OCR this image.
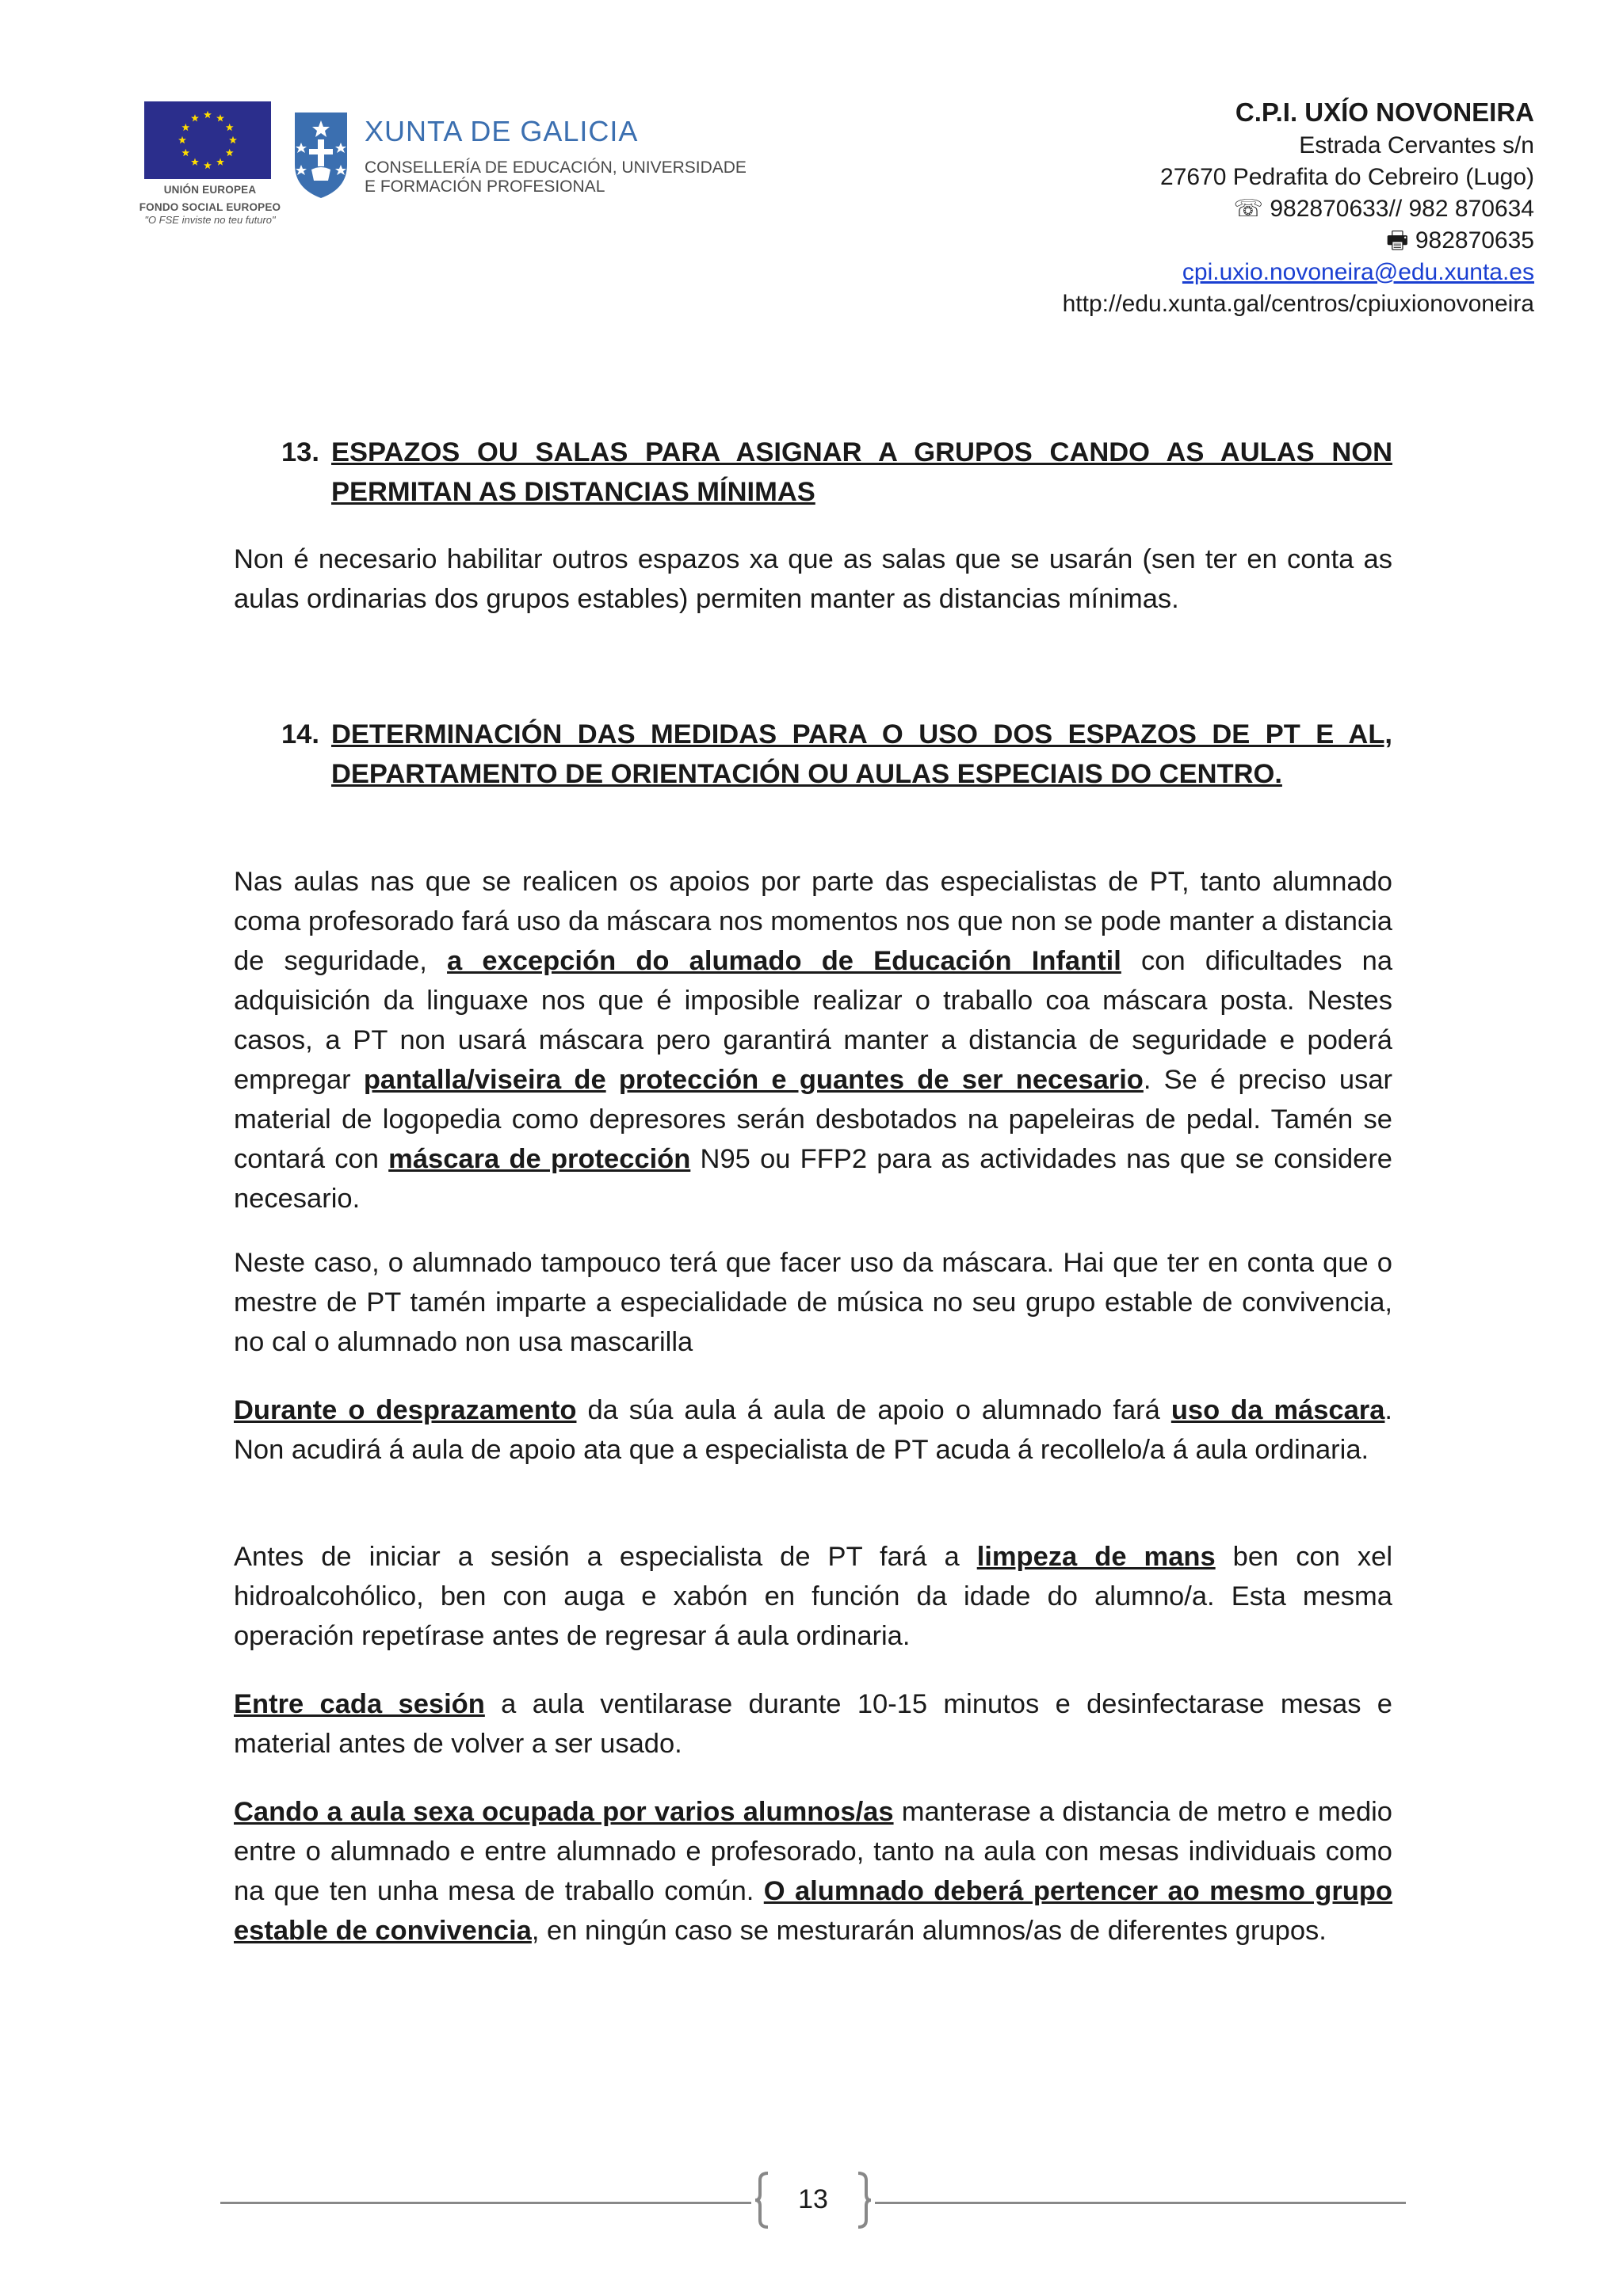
UNIÓN EUROPEA
FONDO SOCIAL EUROPEO
"O FSE inviste no teu futuro"
XUNTA DE GALICIA
CONSELLERÍA DE EDUCACIÓN, UNIVERSIDADE
E FORMACIÓN PROFESIONAL
C.P.I. UXÍO NOVONEIRA
Estrada Cervantes s/n
27670 Pedrafita do Cebreiro (Lugo)
☏ 982870633// 982 870634
🖶 982870635
cpi.uxio.novoneira@edu.xunta.es
http://edu.xunta.gal/centros/cpiuxionovoneira
13. ESPAZOS OU SALAS PARA ASIGNAR A GRUPOS CANDO AS AULAS NON PERMITAN AS DISTANCIAS MÍNIMAS

Non é necesario habilitar outros espazos xa que as salas que se usarán (sen ter en conta as aulas ordinarias dos grupos estables) permiten manter as distancias mínimas.

14. DETERMINACIÓN DAS MEDIDAS PARA O USO DOS ESPAZOS DE PT E AL, DEPARTAMENTO DE ORIENTACIÓN OU AULAS ESPECIAIS DO CENTRO.

Nas aulas nas que se realicen os apoios por parte das especialistas de PT, tanto alumnado coma profesorado fará uso da máscara nos momentos nos que non se pode manter a distancia de seguridade, a excepción do alumado de Educación Infantil con dificultades na adquisición da linguaxe nos que é imposible realizar o traballo coa máscara posta. Nestes casos, a PT non usará máscara pero garantirá manter a distancia de seguridade e poderá empregar pantalla/viseira de protección e guantes de ser necesario. Se é preciso usar material de logopedia como depresores serán desbotados na papeleiras de pedal. Tamén se contará con máscara de protección N95 ou FFP2 para as actividades nas que se considere necesario.

Neste caso, o alumnado tampouco terá que facer uso da máscara. Hai que ter en conta que o mestre de PT tamén imparte a especialidade de música no seu grupo estable de convivencia, no cal o alumnado non usa mascarilla

Durante o desprazamento da súa aula á aula de apoio o alumnado fará uso da máscara. Non acudirá á aula de apoio ata que a especialista de PT acuda á recollelo/a á aula ordinaria.

Antes de iniciar a sesión a especialista de PT fará a limpeza de mans ben con xel hidroalcohólico, ben con auga e xabón en función da idade do alumno/a. Esta mesma operación repetírase antes de regresar á aula ordinaria.

Entre cada sesión a aula ventilarase durante 10-15 minutos e desinfectarase mesas e material antes de volver a ser usado.

Cando a aula sexa ocupada por varios alumnos/as manterase a distancia de metro e medio entre o alumnado e entre alumnado e profesorado, tanto na aula con mesas individuais como na que ten unha mesa de traballo común. O alumnado deberá pertencer ao mesmo grupo estable de convivencia, en ningún caso se mesturarán alumnos/as de diferentes grupos.

13
